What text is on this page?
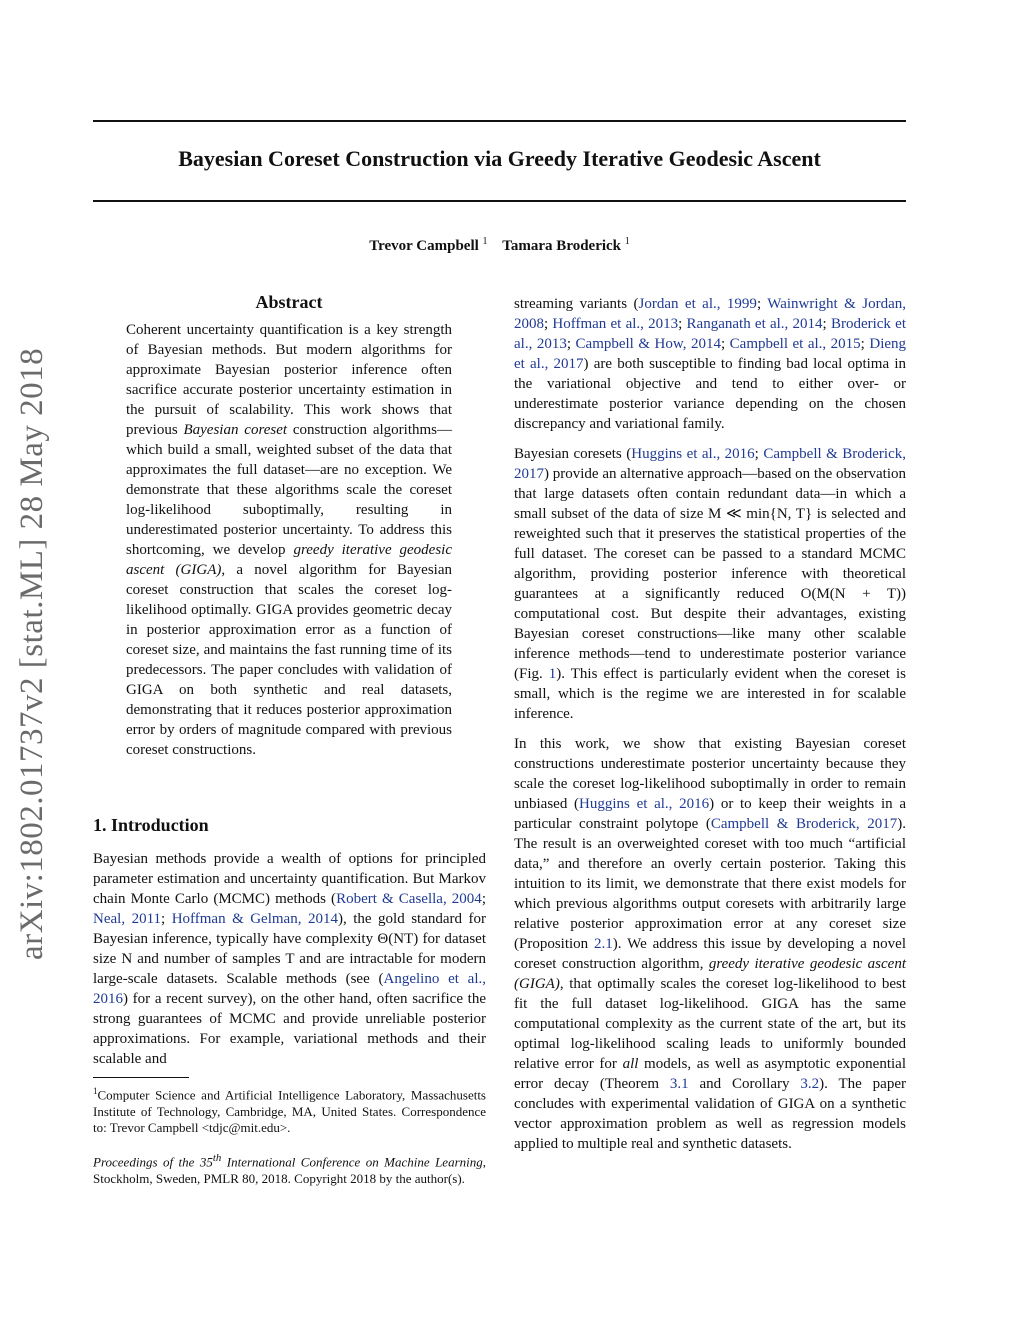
Bayesian Coreset Construction via Greedy Iterative Geodesic Ascent
Trevor Campbell $^1$ Tamara Broderick $^1$
arXiv:1802.01737v2 [stat.ML] 28 May 2018
Abstract
Coherent uncertainty quantification is a key strength of Bayesian methods. But modern algorithms for approximate Bayesian posterior inference often sacrifice accurate posterior uncertainty estimation in the pursuit of scalability. This work shows that previous Bayesian coreset construction algorithms—which build a small, weighted subset of the data that approximates the full dataset—are no exception. We demonstrate that these algorithms scale the coreset log-likelihood suboptimally, resulting in underestimated posterior uncertainty. To address this shortcoming, we develop greedy iterative geodesic ascent (GIGA), a novel algorithm for Bayesian coreset construction that scales the coreset log-likelihood optimally. GIGA provides geometric decay in posterior approximation error as a function of coreset size, and maintains the fast running time of its predecessors. The paper concludes with validation of GIGA on both synthetic and real datasets, demonstrating that it reduces posterior approximation error by orders of magnitude compared with previous coreset constructions.
1. Introduction
Bayesian methods provide a wealth of options for principled parameter estimation and uncertainty quantification. But Markov chain Monte Carlo (MCMC) methods (Robert & Casella, 2004; Neal, 2011; Hoffman & Gelman, 2014), the gold standard for Bayesian inference, typically have complexity Θ(NT) for dataset size N and number of samples T and are intractable for modern large-scale datasets. Scalable methods (see (Angelino et al., 2016) for a recent survey), on the other hand, often sacrifice the strong guarantees of MCMC and provide unreliable posterior approximations. For example, variational methods and their scalable and
$^1$Computer Science and Artificial Intelligence Laboratory, Massachusetts Institute of Technology, Cambridge, MA, United States. Correspondence to: Trevor Campbell <tdjc@mit.edu>.
Proceedings of the 35th International Conference on Machine Learning, Stockholm, Sweden, PMLR 80, 2018. Copyright 2018 by the author(s).

streaming variants (Jordan et al., 1999; Wainwright & Jordan, 2008; Hoffman et al., 2013; Ranganath et al., 2014; Broderick et al., 2013; Campbell & How, 2014; Campbell et al., 2015; Dieng et al., 2017) are both susceptible to finding bad local optima in the variational objective and tend to either over- or underestimate posterior variance depending on the chosen discrepancy and variational family.

Bayesian coresets (Huggins et al., 2016; Campbell & Broderick, 2017) provide an alternative approach—based on the observation that large datasets often contain redundant data—in which a small subset of the data of size M ≪ min{N, T} is selected and reweighted such that it preserves the statistical properties of the full dataset. The coreset can be passed to a standard MCMC algorithm, providing posterior inference with theoretical guarantees at a significantly reduced O(M(N + T)) computational cost. But despite their advantages, existing Bayesian coreset constructions—like many other scalable inference methods—tend to underestimate posterior variance (Fig. 1). This effect is particularly evident when the coreset is small, which is the regime we are interested in for scalable inference.

In this work, we show that existing Bayesian coreset constructions underestimate posterior uncertainty because they scale the coreset log-likelihood suboptimally in order to remain unbiased (Huggins et al., 2016) or to keep their weights in a particular constraint polytope (Campbell & Broderick, 2017). The result is an overweighted coreset with too much “artificial data,” and therefore an overly certain posterior. Taking this intuition to its limit, we demonstrate that there exist models for which previous algorithms output coresets with arbitrarily large relative posterior approximation error at any coreset size (Proposition 2.1). We address this issue by developing a novel coreset construction algorithm, greedy iterative geodesic ascent (GIGA), that optimally scales the coreset log-likelihood to best fit the full dataset log-likelihood. GIGA has the same computational complexity as the current state of the art, but its optimal log-likelihood scaling leads to uniformly bounded relative error for all models, as well as asymptotic exponential error decay (Theorem 3.1 and Corollary 3.2). The paper concludes with experimental validation of GIGA on a synthetic vector approximation problem as well as regression models applied to multiple real and synthetic datasets.
